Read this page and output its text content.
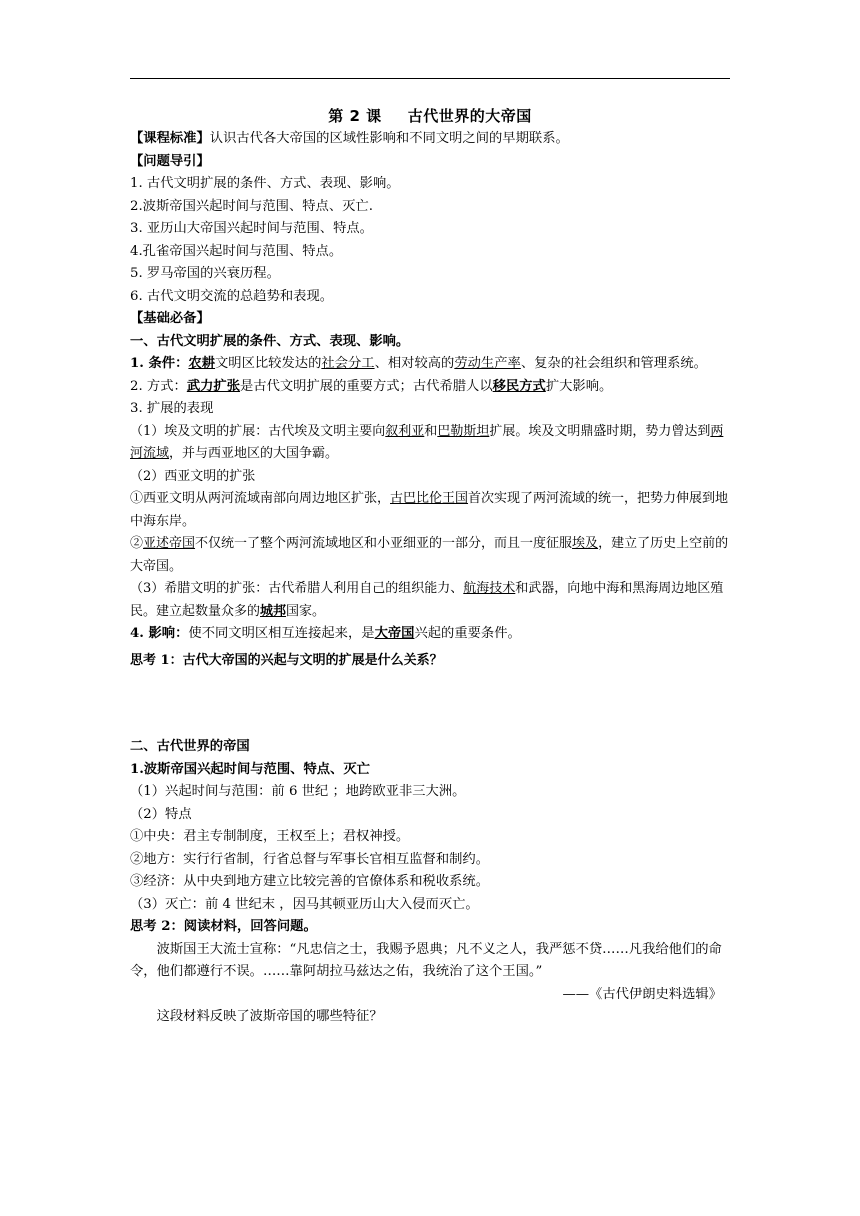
第 2 课 古代世界的大帝国
【课程标准】认识古代各大帝国的区域性影响和不同文明之间的早期联系。
【问题导引】
1. 古代文明扩展的条件、方式、表现、影响。
2.波斯帝国兴起时间与范围、特点、灭亡.
3. 亚历山大帝国兴起时间与范围、特点。
4.孔雀帝国兴起时间与范围、特点。
5. 罗马帝国的兴衰历程。
6. 古代文明交流的总趋势和表现。
【基础必备】
一、古代文明扩展的条件、方式、表现、影响。
1. 条件：农耕文明区比较发达的社会分工、相对较高的劳动生产率、复杂的社会组织和管理系统。
2. 方式：武力扩张是古代文明扩展的重要方式；古代希腊人以移民方式扩大影响。
3. 扩展的表现
（1）埃及文明的扩展：古代埃及文明主要向叙利亚和巴勒斯坦扩展。埃及文明鼎盛时期，势力曾达到两河流域，并与西亚地区的大国争霸。
（2）西亚文明的扩张
①西亚文明从两河流域南部向周边地区扩张，古巴比伦王国首次实现了两河流域的统一，把势力伸展到地中海东岸。
②亚述帝国不仅统一了整个两河流域地区和小亚细亚的一部分，而且一度征服埃及，建立了历史上空前的大帝国。
（3）希腊文明的扩张：古代希腊人利用自己的组织能力、航海技术和武器，向地中海和黑海周边地区殖民。建立起数量众多的城邦国家。
4. 影响：使不同文明区相互连接起来，是大帝国兴起的重要条件。
思考 1：古代大帝国的兴起与文明的扩展是什么关系？
二、古代世界的帝国
1.波斯帝国兴起时间与范围、特点、灭亡
（1）兴起时间与范围：前 6 世纪 ；地跨欧亚非三大洲。
（2）特点
①中央：君主专制制度，王权至上；君权神授。
②地方：实行行省制，行省总督与军事长官相互监督和制约。
③经济：从中央到地方建立比较完善的官僚体系和税收系统。
（3）灭亡：前 4 世纪末 ，因马其顿亚历山大入侵而灭亡。
思考 2：阅读材料，回答问题。
波斯国王大流士宣称：“凡忠信之士，我赐予恩典；凡不义之人，我严惩不贷……凡我给他们的命令，他们都遵行不误。……靠阿胡拉马兹达之佑，我统治了这个王国。”
——《古代伊朗史料选辑》
这段材料反映了波斯帝国的哪些特征？
